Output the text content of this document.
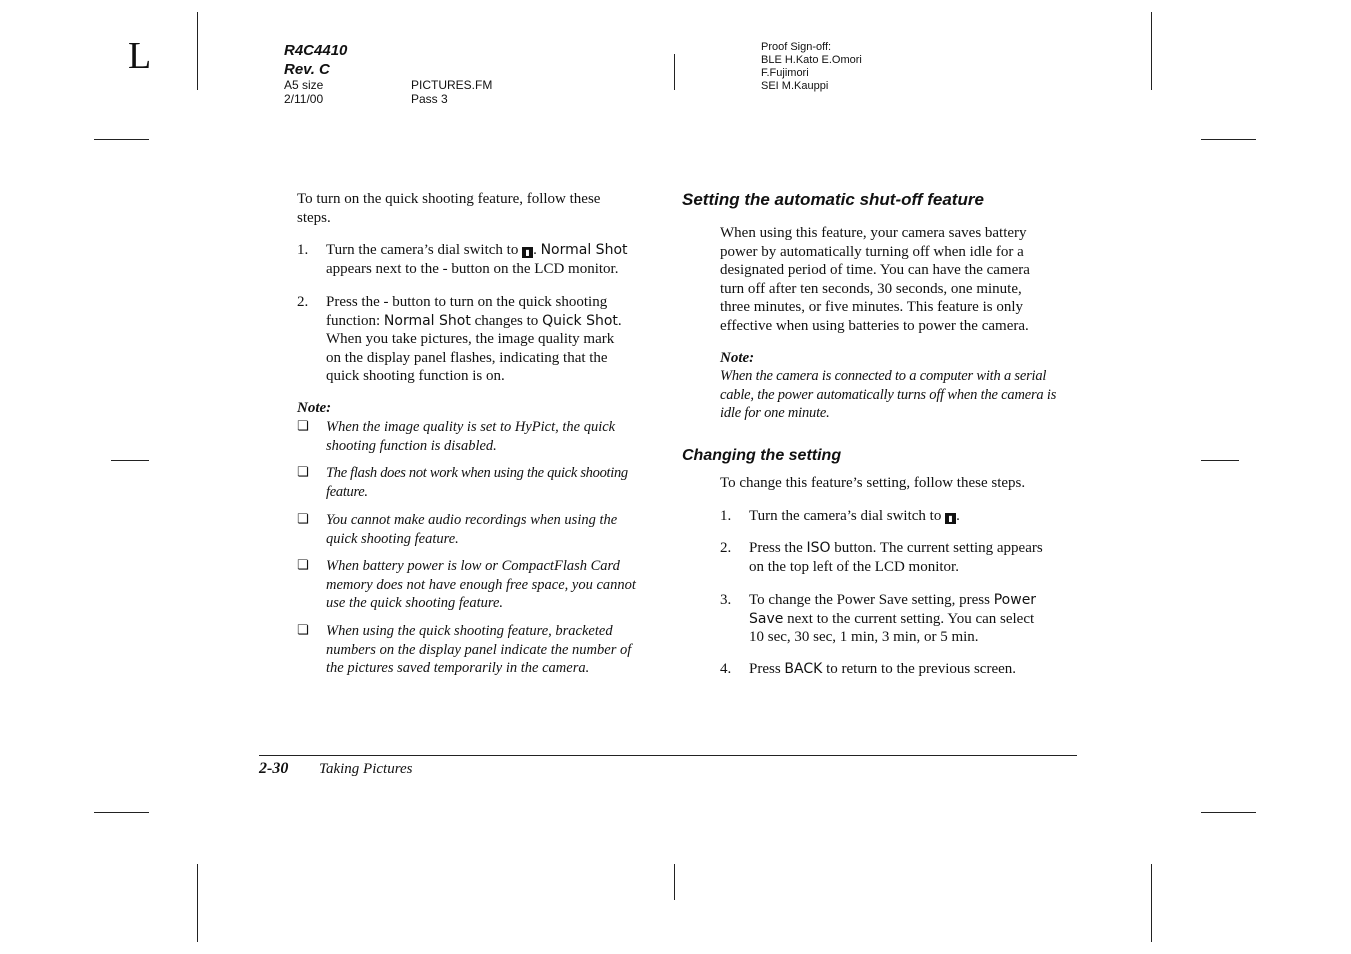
L	R4C4410
Rev. C
A5 size
2/11/00
PICTURES.FM
Pass 3
Proof Sign-off:
BLE H.Kato E.Omori
F.Fujimori
SEI M.Kauppi
To turn on the quick shooting feature, follow these
steps.
1. Turn the camera’s dial switch to ▮ . Normal Shot
appears next to the - button on the LCD monitor.
2. Press the - button to turn on the quick shooting
function: Normal Shot changes to Quick Shot.
When you take pictures, the image quality mark
on the display panel flashes, indicating that the
quick shooting function is on.
Note:
❏ When the image quality is set to HyPict, the quick
shooting function is disabled.
❏ The flash does not work when using the quick shooting
feature.
❏ You cannot make audio recordings when using the
quick shooting feature.
❏ When battery power is low or CompactFlash Card
memory does not have enough free space, you cannot
use the quick shooting feature.
❏ When using the quick shooting feature, bracketed
numbers on the display panel indicate the number of
the pictures saved temporarily in the camera.
Setting the automatic shut-off feature
When using this feature, your camera saves battery
power by automatically turning off when idle for a
designated period of time. You can have the camera
turn off after ten seconds, 30 seconds, one minute,
three minutes, or five minutes. This feature is only
effective when using batteries to power the camera.
Note:
When the camera is connected to a computer with a serial
cable, the power automatically turns off when the camera is
idle for one minute.
Changing the setting
To change this feature’s setting, follow these steps.
1. Turn the camera’s dial switch to ▮ .
2. Press the ISO button. The current setting appears
on the top left of the LCD monitor.
3. To change the Power Save setting, press Power
Save next to the current setting. You can select
10 sec, 30 sec, 1 min, 3 min, or 5 min.
4. Press BACK to return to the previous screen.
2-30 Taking Pictures
